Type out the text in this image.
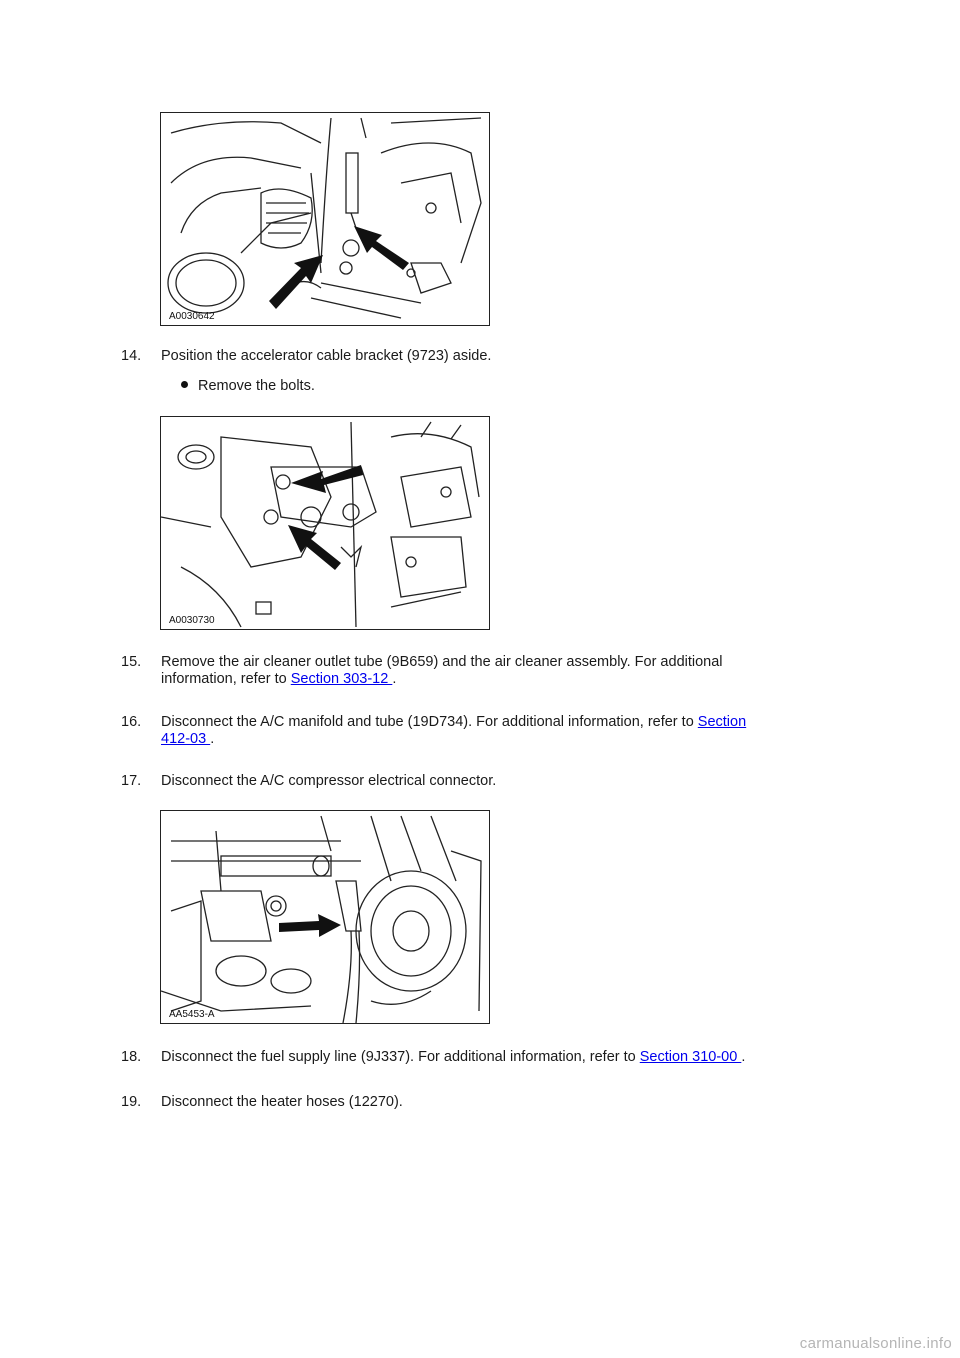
A0030642
14. Position the accelerator cable bracket (9723) aside.
Remove the bolts.
A0030730
15. Remove the air cleaner outlet tube (9B659) and the air cleaner assembly. For additional
information, refer to Section 303-12 .
16. Disconnect the A/C manifold and tube (19D734). For additional information, refer to Section
412-03 .
17. Disconnect the A/C compressor electrical connector.
AA5453-A
18. Disconnect the fuel supply line (9J337). For additional information, refer to Section 310-00 .
19. Disconnect the heater hoses (12270).
carmanualsonline.info
